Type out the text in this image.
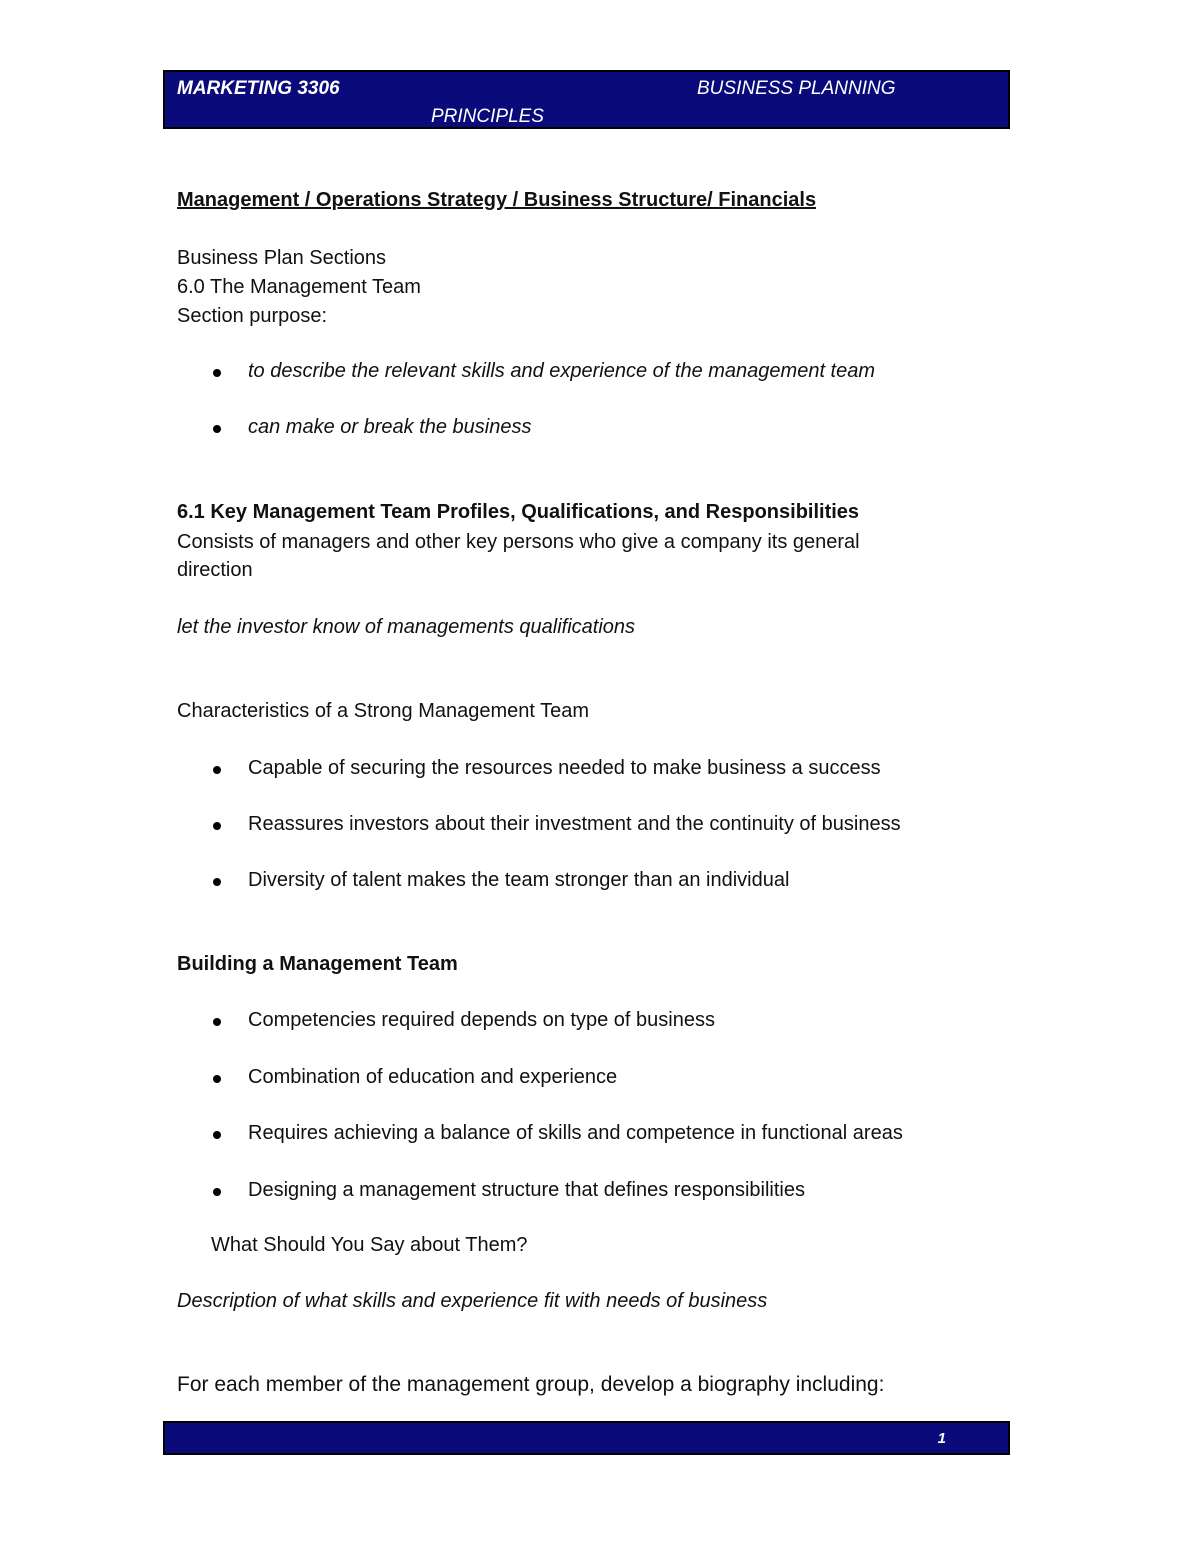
MARKETING 3306	BUSINESS PLANNING
PRINCIPLES
Management / Operations Strategy / Business Structure/ Financials
Business Plan Sections
6.0 The Management Team
Section purpose:
to describe the relevant skills and experience of the management team
can make or break the business
6.1 Key Management Team Profiles, Qualifications, and Responsibilities
Consists of managers and other key persons who give a company its general
direction
let the investor know of managements qualifications
Characteristics of a Strong Management Team
Capable of securing the resources needed to make business a success
Reassures investors about their investment and the continuity of business
Diversity of talent makes the team stronger than an individual
Building a Management Team
Competencies required depends on type of business
Combination of education and experience
Requires achieving a balance of skills and competence in functional areas
Designing a management structure that defines responsibilities
What Should You Say about Them?
Description of what skills and experience fit with needs of business
For each member of the management group, develop a biography including:
1
